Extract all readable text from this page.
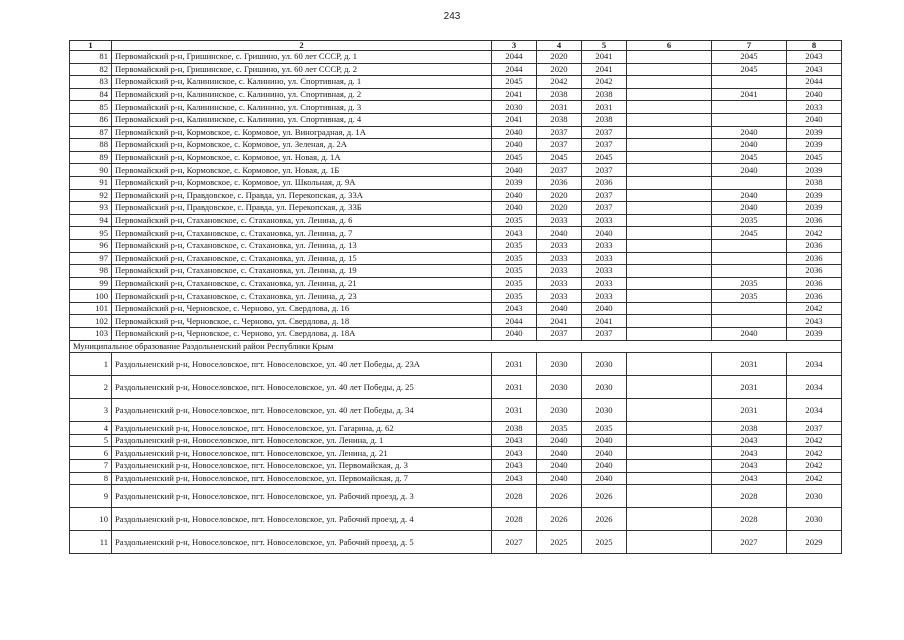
243
1	2	3	4	5	6	7	8
81	Первомайский р-н, Гришинское, с. Гришино, ул. 60 лет СССР, д. 1	2044	2020	2041		2045	2043
82	Первомайский р-н, Гришинское, с. Гришино, ул. 60 лет СССР, д. 2	2044	2020	2041		2045	2043
83	Первомайский р-н, Калининское, с. Калинино, ул. Спортивная, д. 1	2045	2042	2042			2044
84	Первомайский р-н, Калининское, с. Калинино, ул. Спортивная, д. 2	2041	2038	2038		2041	2040
85	Первомайский р-н, Калининское, с. Калинино, ул. Спортивная, д. 3	2030	2031	2031			2033
86	Первомайский р-н, Калининское, с. Калинино, ул. Спортивная, д. 4	2041	2038	2038			2040
87	Первомайский р-н, Кормовское, с. Кормовое, ул. Виноградная, д. 1А	2040	2037	2037		2040	2039
88	Первомайский р-н, Кормовское, с. Кормовое, ул. Зеленая, д. 2А	2040	2037	2037		2040	2039
89	Первомайский р-н, Кормовское, с. Кормовое, ул. Новая, д. 1А	2045	2045	2045		2045	2045
90	Первомайский р-н, Кормовское, с. Кормовое, ул. Новая, д. 1Б	2040	2037	2037		2040	2039
91	Первомайский р-н, Кормовское, с. Кормовое, ул. Школьная, д. 9А	2039	2036	2036			2038
92	Первомайский р-н, Правдовское, с. Правда, ул. Перекопская, д. 33А	2040	2020	2037		2040	2039
93	Первомайский р-н, Правдовское, с. Правда, ул. Перекопская, д. 33Б	2040	2020	2037		2040	2039
94	Первомайский р-н, Стахановское, с. Стахановка, ул. Ленина, д. 6	2035	2033	2033		2035	2036
95	Первомайский р-н, Стахановское, с. Стахановка, ул. Ленина, д. 7	2043	2040	2040		2045	2042
96	Первомайский р-н, Стахановское, с. Стахановка, ул. Ленина, д. 13	2035	2033	2033			2036
97	Первомайский р-н, Стахановское, с. Стахановка, ул. Ленина, д. 15	2035	2033	2033			2036
98	Первомайский р-н, Стахановское, с. Стахановка, ул. Ленина, д. 19	2035	2033	2033			2036
99	Первомайский р-н, Стахановское, с. Стахановка, ул. Ленина, д. 21	2035	2033	2033		2035	2036
100	Первомайский р-н, Стахановское, с. Стахановка, ул. Ленина, д. 23	2035	2033	2033		2035	2036
101	Первомайский р-н, Черновское, с. Черново, ул. Свердлова, д. 16	2043	2040	2040			2042
102	Первомайский р-н, Черновское, с. Черново, ул. Свердлова, д. 18	2044	2041	2041			2043
103	Первомайский р-н, Черновское, с. Черново, ул. Свердлова, д. 18А	2040	2037	2037		2040	2039
Муниципальное образование Раздольненский район Республики Крым							
1	Раздольненский р-н, Новоселовское, пгт. Новоселовское, ул. 40 лет Победы, д. 23А	2031	2030	2030		2031	2034
2	Раздольненский р-н, Новоселовское, пгт. Новоселовское, ул. 40 лет Победы, д. 25	2031	2030	2030		2031	2034
3	Раздольненский р-н, Новоселовское, пгт. Новоселовское, ул. 40 лет Победы, д. 34	2031	2030	2030		2031	2034
4	Раздольненский р-н, Новоселовское, пгт. Новоселовское, ул. Гагарина, д. 62	2038	2035	2035		2038	2037
5	Раздольненский р-н, Новоселовское, пгт. Новоселовское, ул. Ленина, д. 1	2043	2040	2040		2043	2042
6	Раздольненский р-н, Новоселовское, пгт. Новоселовское, ул. Ленина, д. 21	2043	2040	2040		2043	2042
7	Раздольненский р-н, Новоселовское, пгт. Новоселовское, ул. Первомайская, д. 3	2043	2040	2040		2043	2042
8	Раздольненский р-н, Новоселовское, пгт. Новоселовское, ул. Первомайская, д. 7	2043	2040	2040		2043	2042
9	Раздольненский р-н, Новоселовское, пгт. Новоселовское, ул. Рабочий проезд, д. 3	2028	2026	2026		2028	2030
10	Раздольненский р-н, Новоселовское, пгт. Новоселовское, ул. Рабочий проезд, д. 4	2028	2026	2026		2028	2030
11	Раздольненский р-н, Новоселовское, пгт. Новоселовское, ул. Рабочий проезд, д. 5	2027	2025	2025		2027	2029
